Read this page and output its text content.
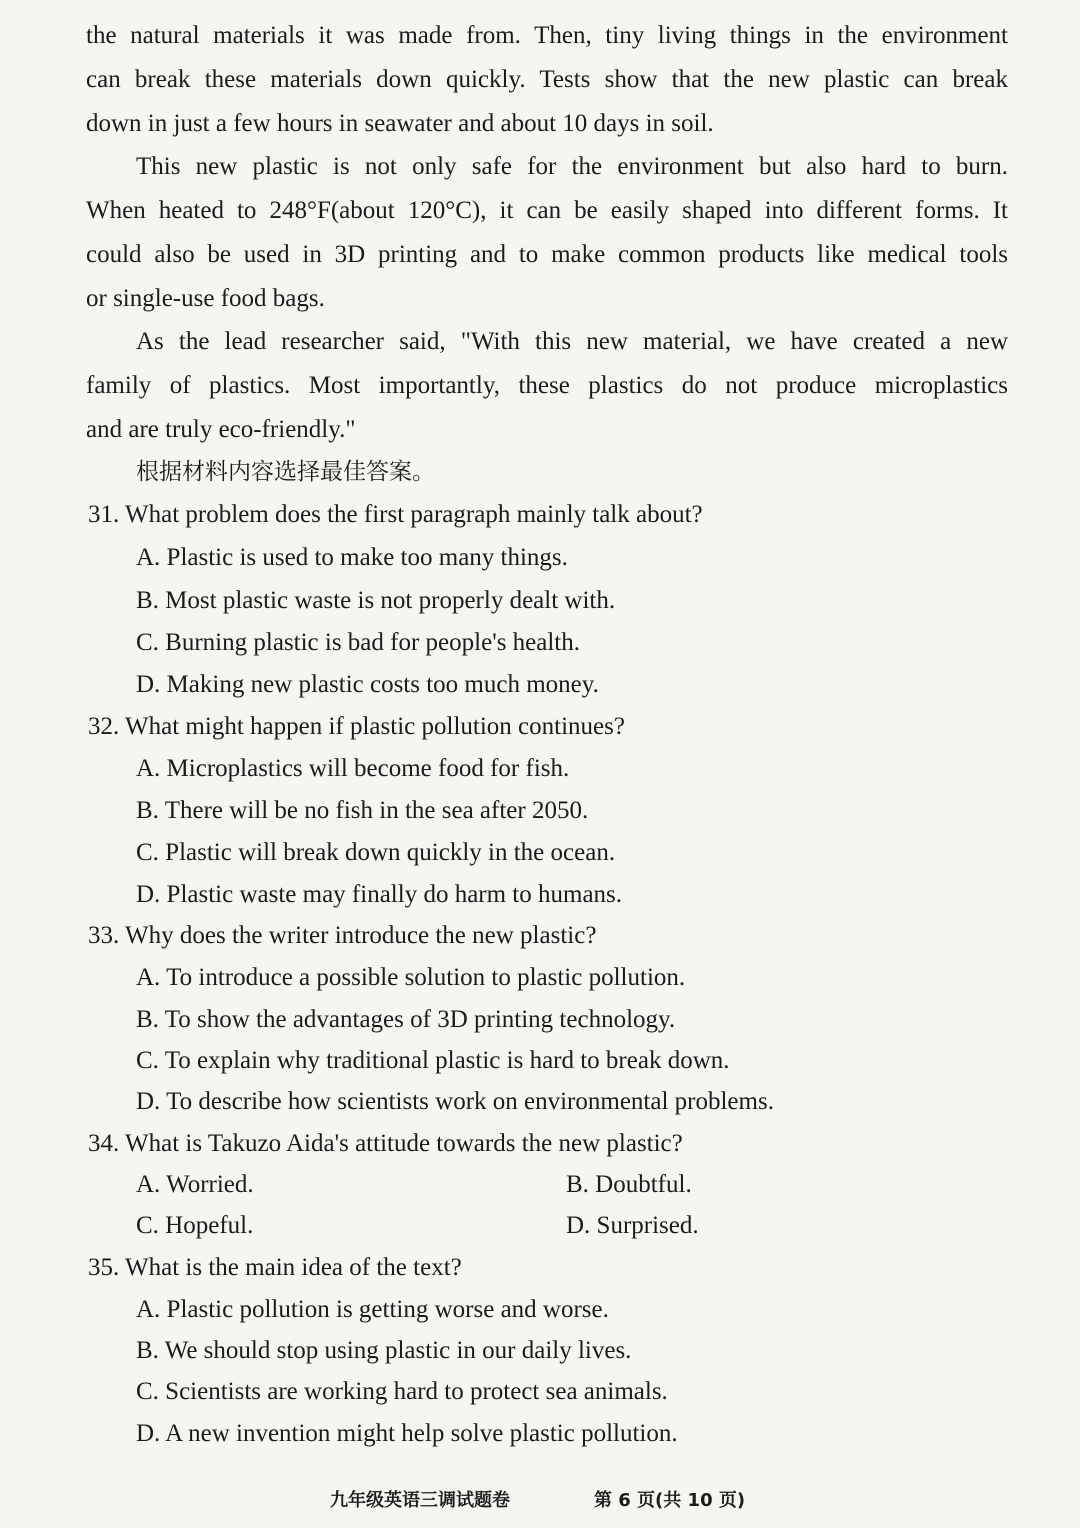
the natural materials it was made from. Then, tiny living things in the environment
can break these materials down quickly. Tests show that the new plastic can break
down in just a few hours in seawater and about 10 days in soil.
This new plastic is not only safe for the environment but also hard to burn.
When heated to 248°F(about 120°C), it can be easily shaped into different forms. It
could also be used in 3D printing and to make common products like medical tools
or single-use food bags.
As the lead researcher said, "With this new material, we have created a new
family of plastics. Most importantly, these plastics do not produce microplastics
and are truly eco-friendly."
根据材料内容选择最佳答案。
31. What problem does the first paragraph mainly talk about?
A. Plastic is used to make too many things.
B. Most plastic waste is not properly dealt with.
C. Burning plastic is bad for people's health.
D. Making new plastic costs too much money.
32. What might happen if plastic pollution continues?
A. Microplastics will become food for fish.
B. There will be no fish in the sea after 2050.
C. Plastic will break down quickly in the ocean.
D. Plastic waste may finally do harm to humans.
33. Why does the writer introduce the new plastic?
A. To introduce a possible solution to plastic pollution.
B. To show the advantages of 3D printing technology.
C. To explain why traditional plastic is hard to break down.
D. To describe how scientists work on environmental problems.
34. What is Takuzo Aida's attitude towards the new plastic?
A. Worried.	B. Doubtful.
C. Hopeful.	D. Surprised.
35. What is the main idea of the text?
A. Plastic pollution is getting worse and worse.
B. We should stop using plastic in our daily lives.
C. Scientists are working hard to protect sea animals.
D. A new invention might help solve plastic pollution.
九年级英语三调试题卷	第 6 页(共 10 页)
